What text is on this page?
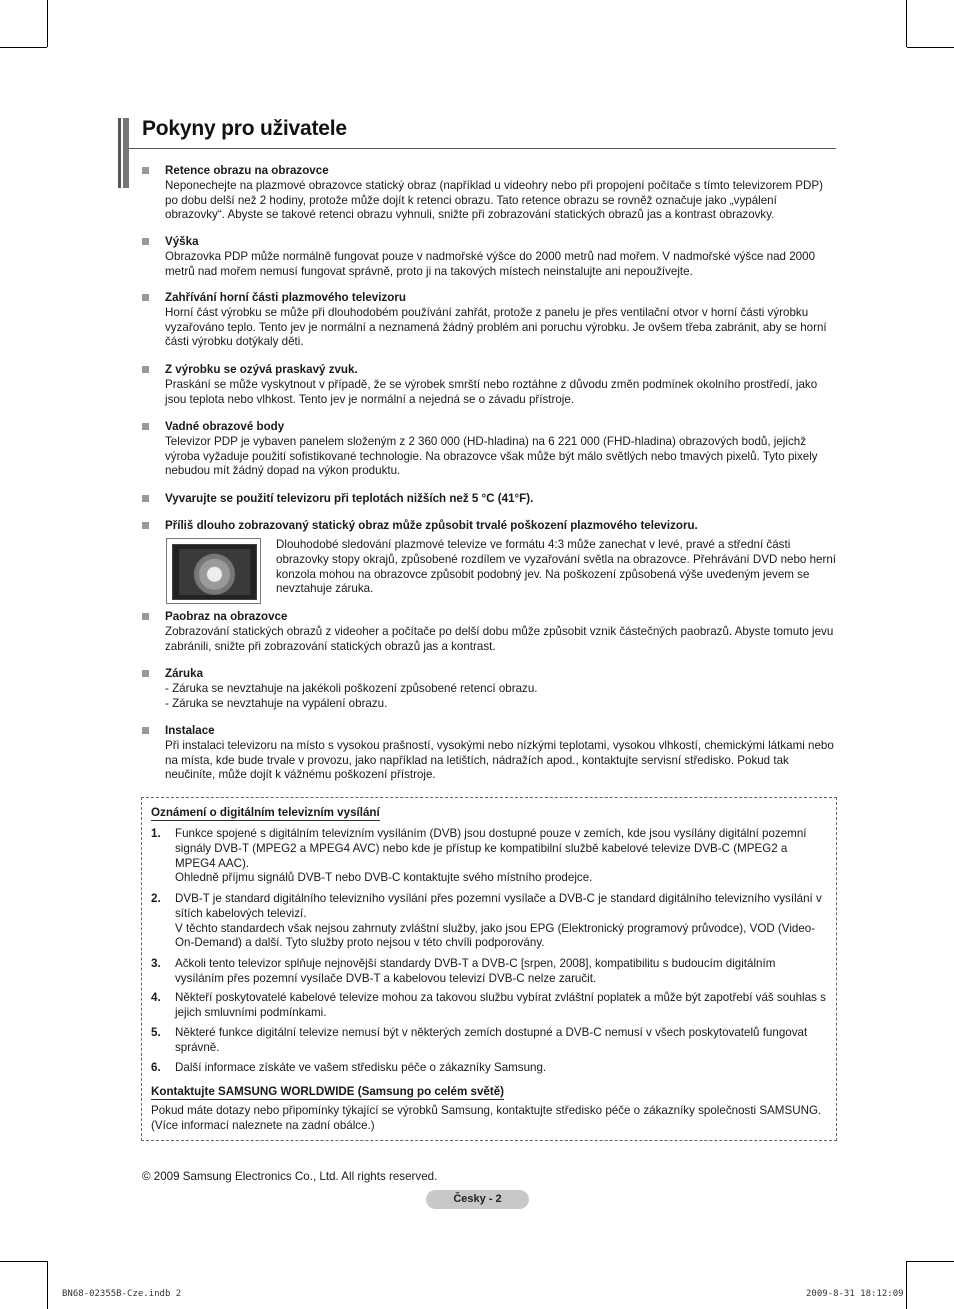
Pokyny pro uživatele
Retence obrazu na obrazovce
Neponechejte na plazmové obrazovce statický obraz (například u videohry nebo při propojení počítače s tímto televizorem PDP) po dobu delší než 2 hodiny, protože může dojít k retenci obrazu. Tato retence obrazu se rovněž označuje jako „vypálení obrazovky“. Abyste se takové retenci obrazu vyhnuli, snižte při zobrazování statických obrazů jas a kontrast obrazovky.
Výška
Obrazovka PDP může normálně fungovat pouze v nadmořské výšce do 2000 metrů nad mořem. V nadmořské výšce nad 2000 metrů nad mořem nemusí fungovat správně, proto ji na takových místech neinstalujte ani nepoužívejte.
Zahřívání horní části plazmového televizoru
Horní část výrobku se může při dlouhodobém používání zahřát, protože z panelu je přes ventilační otvor v horní části výrobku vyzařováno teplo. Tento jev je normální a neznamená žádný problém ani poruchu výrobku. Je ovšem třeba zabránit, aby se horní části výrobku dotýkaly děti.
Z výrobku se ozývá praskavý zvuk.
Praskání se může vyskytnout v případě, že se výrobek smrští nebo roztáhne z důvodu změn podmínek okolního prostředí, jako jsou teplota nebo vlhkost. Tento jev je normální a nejedná se o závadu přístroje.
Vadné obrazové body
Televizor PDP je vybaven panelem složeným z 2 360 000 (HD-hladina) na 6 221 000 (FHD-hladina) obrazových bodů, jejichž výroba vyžaduje použití sofistikované technologie. Na obrazovce však může být málo světlých nebo tmavých pixelů. Tyto pixely nebudou mít žádný dopad na výkon produktu.
Vyvarujte se použití televizoru při teplotách nižších než 5 °C (41°F).
Příliš dlouho zobrazovaný statický obraz může způsobit trvalé poškození plazmového televizoru.
Dlouhodobé sledování plazmové televize ve formátu 4:3 může zanechat v levé, pravé a střední části obrazovky stopy okrajů, způsobené rozdílem ve vyzařování světla na obrazovce. Přehrávání DVD nebo herní konzola mohou na obrazovce způsobit podobný jev. Na poškození způsobená výše uvedeným jevem se nevztahuje záruka.
Paobraz na obrazovce
Zobrazování statických obrazů z videoher a počítače po delší dobu může způsobit vznik částečných paobrazů. Abyste tomuto jevu zabránili, snižte při zobrazování statických obrazů jas a kontrast.
Záruka
- Záruka se nevztahuje na jakékoli poškození způsobené retencí obrazu.
- Záruka se nevztahuje na vypálení obrazu.
Instalace
Při instalaci televizoru na místo s vysokou prašností, vysokými nebo nízkými teplotami, vysokou vlhkostí, chemickými látkami nebo na místa, kde bude trvale v provozu, jako například na letištích, nádražích apod., kontaktujte servisní středisko. Pokud tak neučiníte, může dojít k vážnému poškození přístroje.
Oznámení o digitálním televizním vysílání
1. Funkce spojené s digitálním televizním vysíláním (DVB) jsou dostupné pouze v zemích, kde jsou vysílány digitální pozemní signály DVB-T (MPEG2 a MPEG4 AVC) nebo kde je přístup ke kompatibilní službě kabelové televize DVB-C (MPEG2 a MPEG4 AAC).
Ohledně příjmu signálů DVB-T nebo DVB-C kontaktujte svého místního prodejce.
2. DVB-T je standard digitálního televizního vysílání přes pozemní vysílače a DVB-C je standard digitálního televizního vysílání v sítích kabelových televizí.
V těchto standardech však nejsou zahrnuty zvláštní služby, jako jsou EPG (Elektronický programový průvodce), VOD (Video-On-Demand) a další. Tyto služby proto nejsou v této chvíli podporovány.
3. Ačkoli tento televizor splňuje nejnovější standardy DVB-T a DVB-C [srpen, 2008], kompatibilitu s budoucím digitálním vysíláním přes pozemní vysílače DVB-T a kabelovou televizí DVB-C nelze zaručit.
4. Někteří poskytovatelé kabelové televize mohou za takovou službu vybírat zvláštní poplatek a může být zapotřebí váš souhlas s jejich smluvními podmínkami.
5. Některé funkce digitální televize nemusí být v některých zemích dostupné a DVB-C nemusí v všech poskytovatelů fungovat správně.
6. Další informace získáte ve vašem středisku péče o zákazníky Samsung.
Kontaktujte SAMSUNG WORLDWIDE (Samsung po celém světě)
Pokud máte dotazy nebo připomínky týkající se výrobků Samsung, kontaktujte středisko péče o zákazníky společnosti SAMSUNG. (Více informací naleznete na zadní obálce.)
© 2009 Samsung Electronics Co., Ltd. All rights reserved.
Česky - 2
BN68-02355B-Cze.indb 2	2009-8-31 18:12:09
